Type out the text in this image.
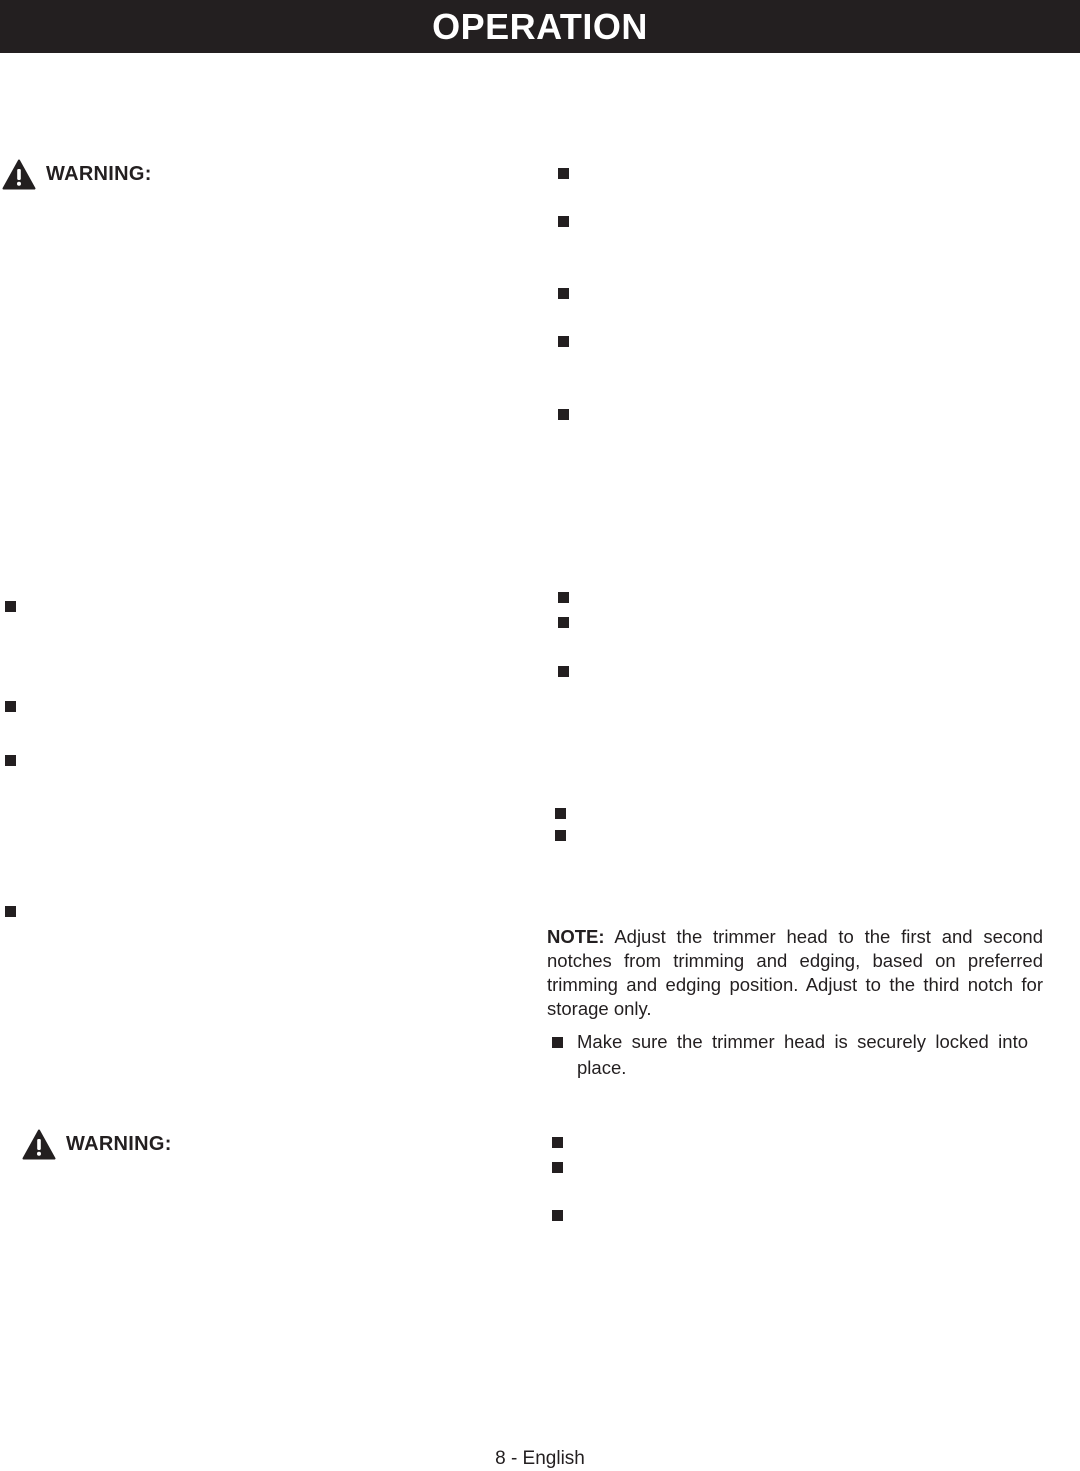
OPERATION
WARNING:
WARNING:
NOTE: Adjust the trimmer head to the first and second notches from trimming and edging, based on preferred trimming and edging position. Adjust to the third notch for storage only.
Make sure the trimmer head is securely locked into place.
8 - English
